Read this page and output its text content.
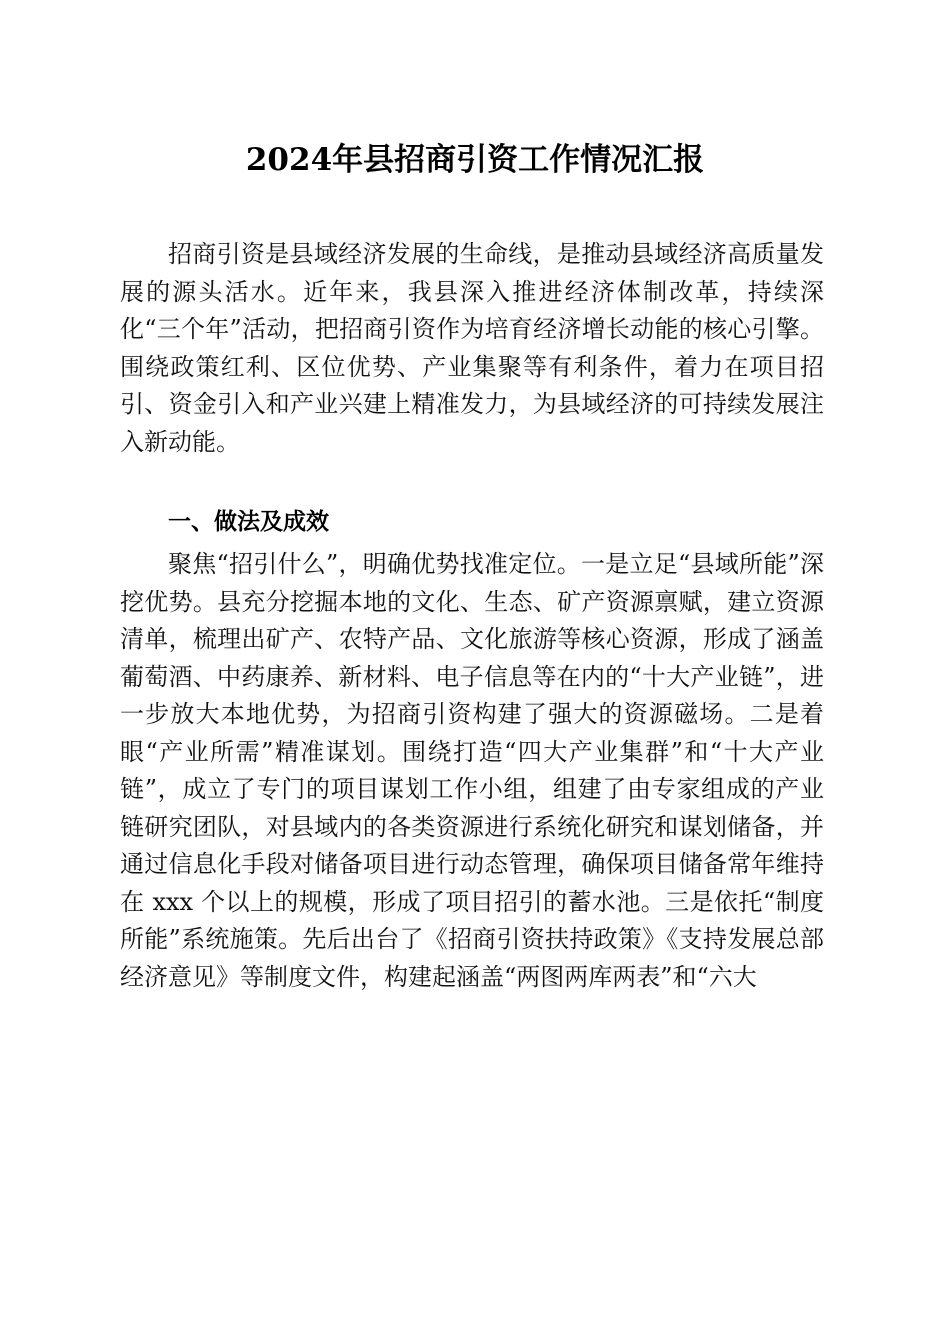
2024年县招商引资工作情况汇报

招商引资是县域经济发展的生命线，是推动县域经济高质量发展的源头活水。近年来，我县深入推进经济体制改革，持续深化“三个年”活动，把招商引资作为培育经济增长动能的核心引擎。围绕政策红利、区位优势、产业集聚等有利条件，着力在项目招引、资金引入和产业兴建上精准发力，为县域经济的可持续发展注入新动能。

一、做法及成效

聚焦“招引什么”，明确优势找准定位。一是立足“县域所能”深挖优势。县充分挖掘本地的文化、生态、矿产资源禀赋，建立资源清单，梳理出矿产、农特产品、文化旅游等核心资源，形成了涵盖葡萄酒、中药康养、新材料、电子信息等在内的“十大产业链”，进一步放大本地优势，为招商引资构建了强大的资源磁场。二是着眼“产业所需”精准谋划。围绕打造“四大产业集群”和“十大产业链”，成立了专门的项目谋划工作小组，组建了由专家组成的产业链研究团队，对县域内的各类资源进行系统化研究和谋划储备，并通过信息化手段对储备项目进行动态管理，确保项目储备常年维持在 xxx 个以上的规模，形成了项目招引的蓄水池。三是依托“制度所能”系统施策。先后出台了《招商引资扶持政策》《支持发展总部经济意见》等制度文件，构建起涵盖“两图两库两表”和“六大
